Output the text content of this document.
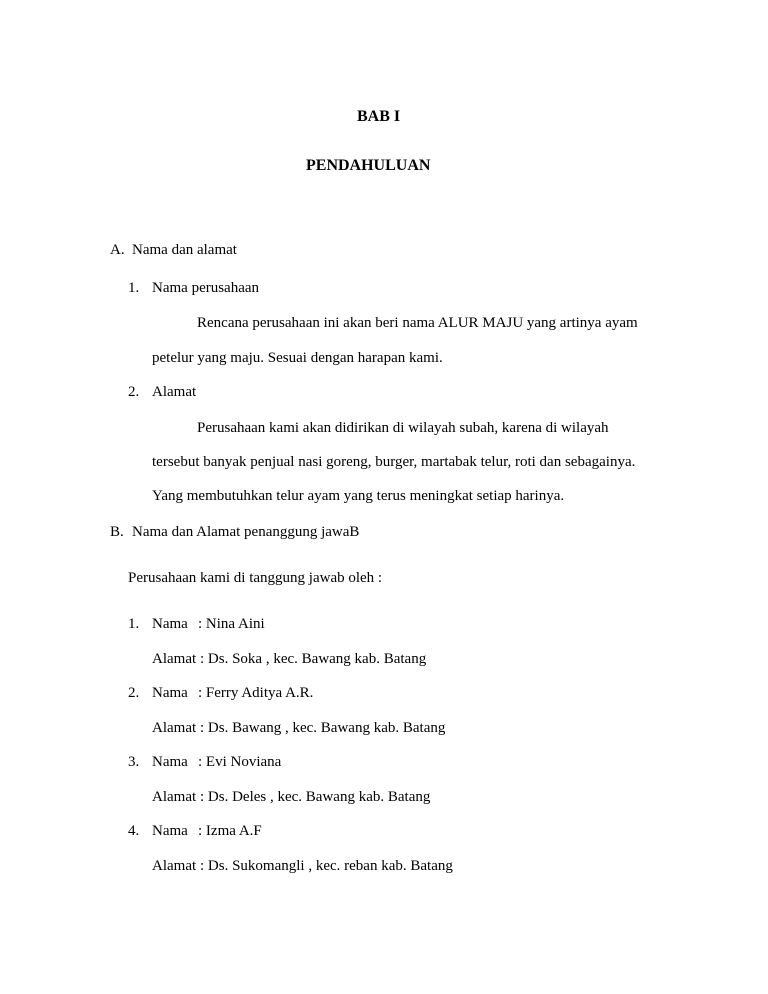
BAB I
PENDAHULUAN
A. Nama dan alamat
1. Nama perusahaan
Rencana perusahaan ini akan beri nama ALUR MAJU yang artinya ayam
petelur yang maju. Sesuai dengan harapan kami.
2. Alamat
Perusahaan kami akan didirikan di wilayah subah, karena di wilayah
tersebut banyak penjual nasi goreng, burger, martabak telur, roti dan sebagainya.
Yang membutuhkan telur ayam yang terus meningkat setiap harinya.
B. Nama dan Alamat penanggung jawaB
Perusahaan kami di tanggung jawab oleh :
1. Nama : Nina Aini
Alamat : Ds. Soka , kec. Bawang kab. Batang
2. Nama : Ferry Aditya A.R.
Alamat : Ds. Bawang , kec. Bawang kab. Batang
3. Nama : Evi Noviana
Alamat : Ds. Deles , kec. Bawang kab. Batang
4. Nama : Izma A.F
Alamat : Ds. Sukomangli , kec. reban kab. Batang
